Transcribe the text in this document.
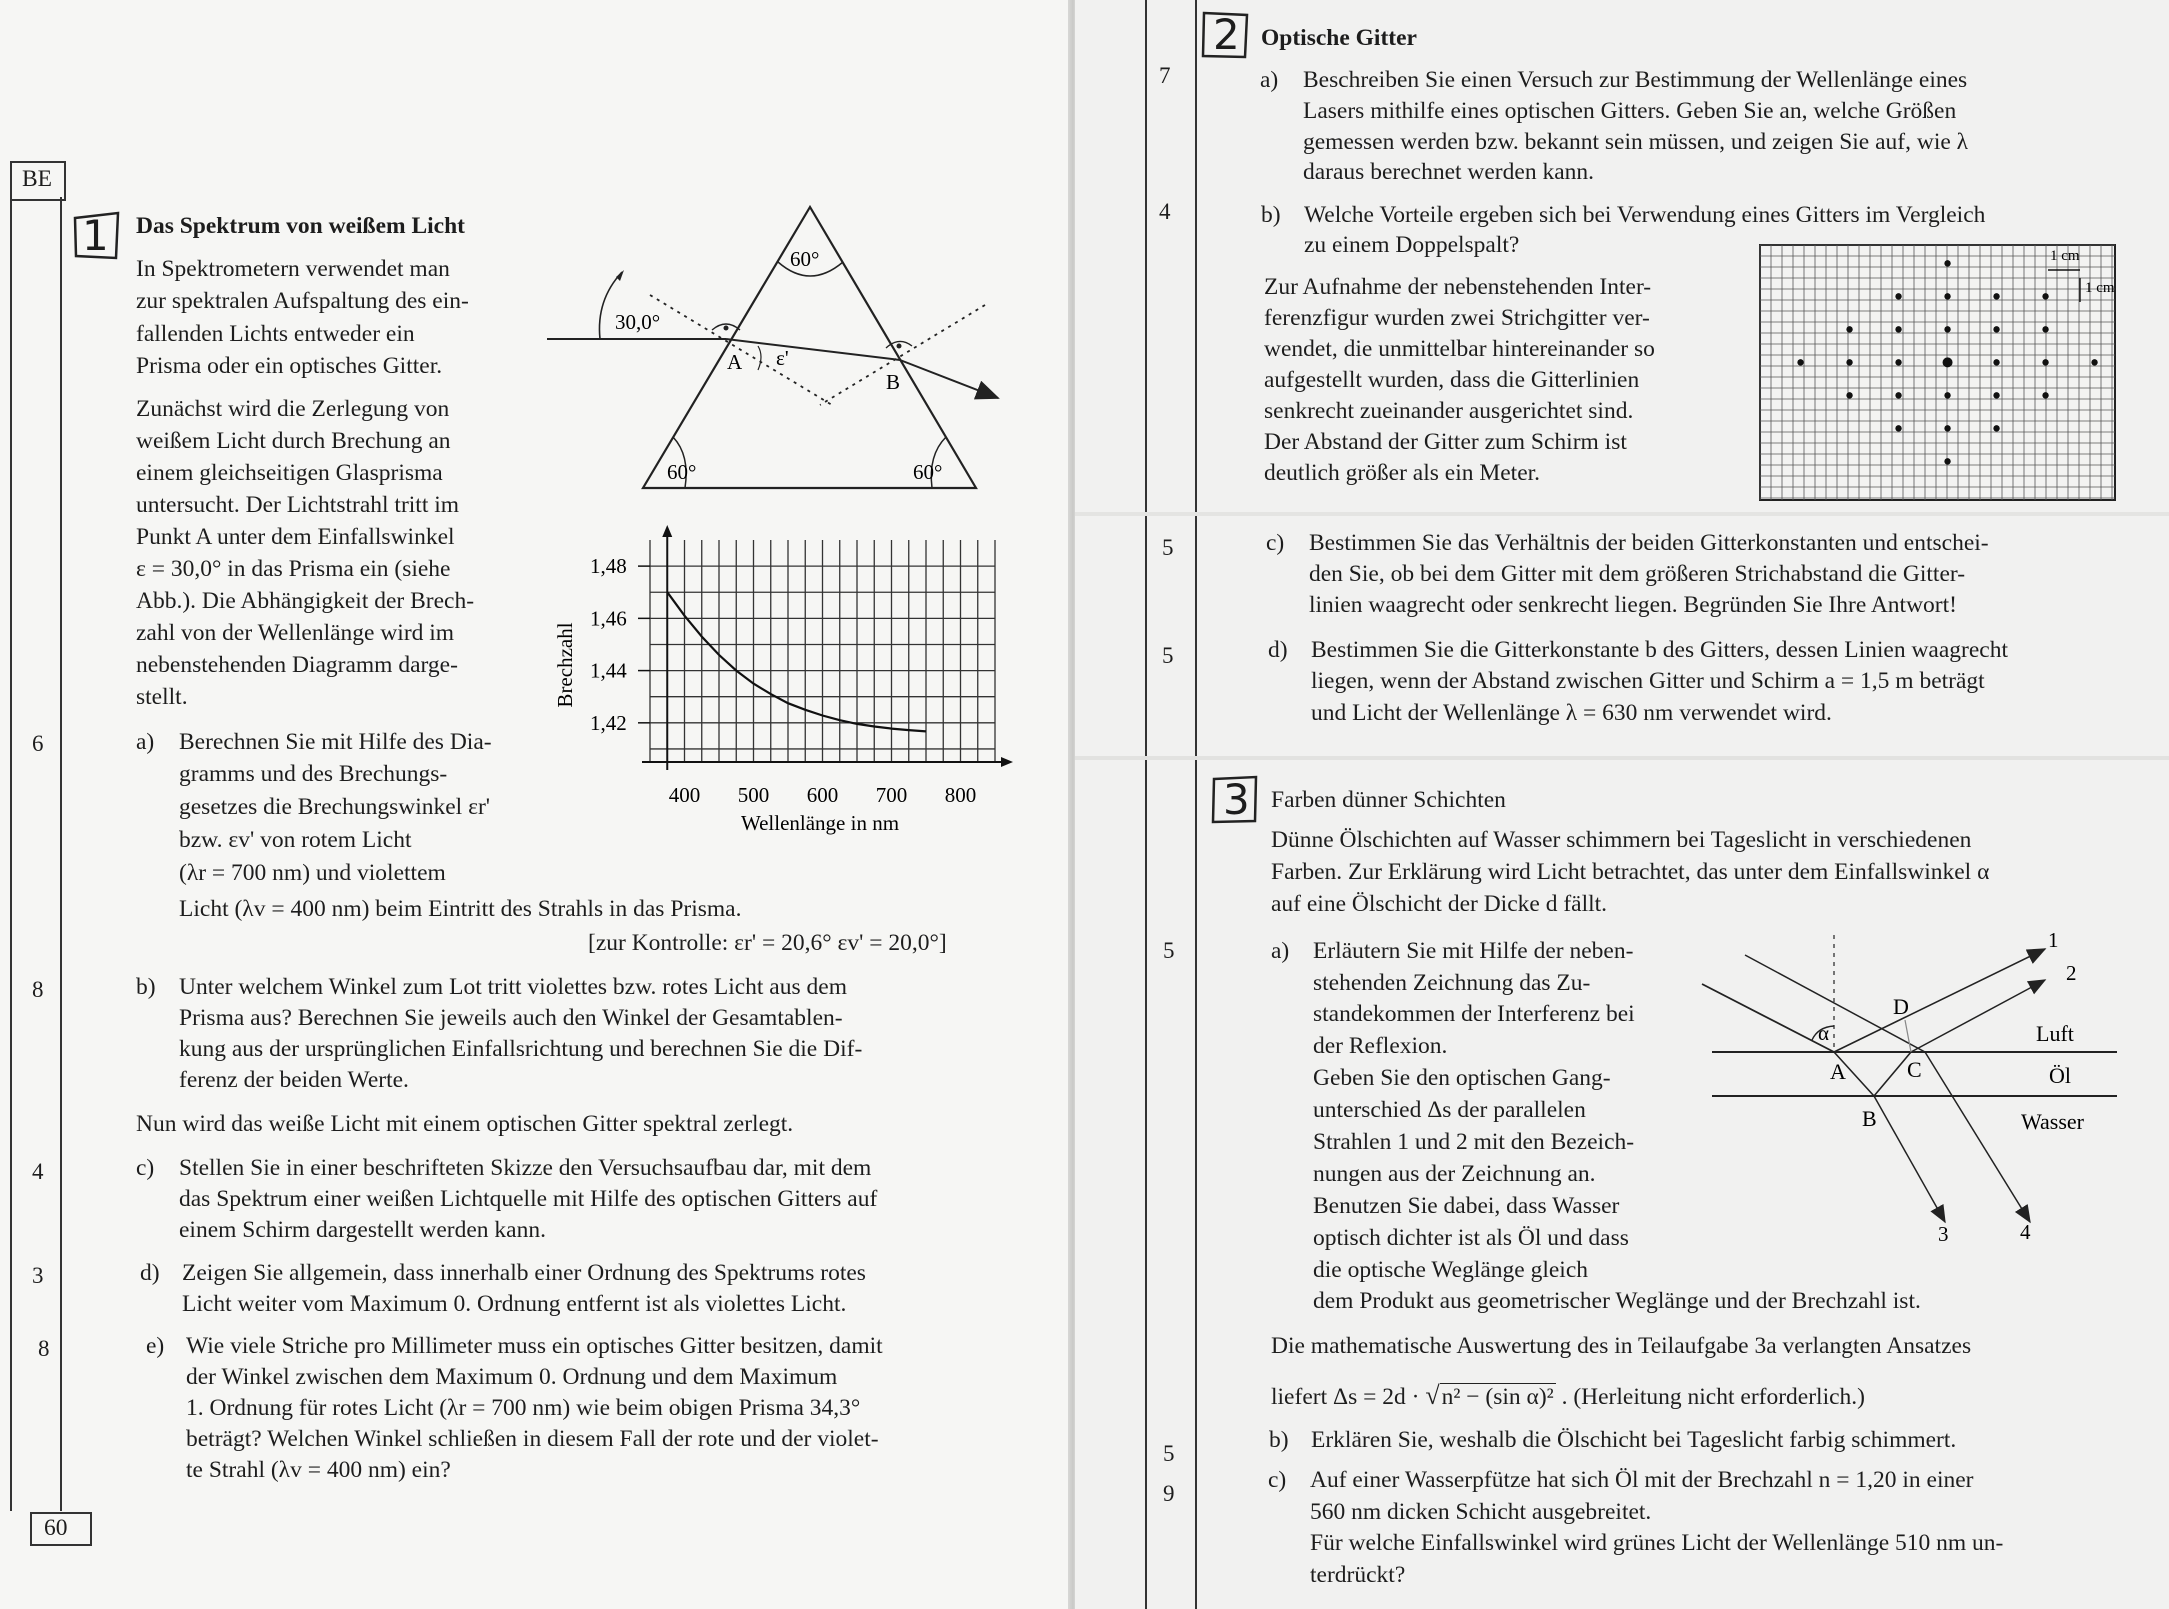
BE
60
6
8
4
3
8
1 Das Spektrum von weißem Licht
In Spektrometern verwendet man
zur spektralen Aufspaltung des ein-
fallenden Lichts entweder ein
Prisma oder ein optisches Gitter.
Zunächst wird die Zerlegung von
weißem Licht durch Brechung an
einem gleichseitigen Glasprisma
untersucht. Der Lichtstrahl tritt im
Punkt A unter dem Einfallswinkel
ε = 30,0° in das Prisma ein (siehe
Abb.). Die Abhängigkeit der Brech-
zahl von der Wellenlänge wird im
nebenstehenden Diagramm darge-
stellt.
a) Berechnen Sie mit Hilfe des Dia-
gramms und des Brechungs-
gesetzes die Brechungswinkel εr'
bzw. εv' von rotem Licht
(λr = 700 nm) und violettem
Licht (λv = 400 nm) beim Eintritt des Strahls in das Prisma.
[zur Kontrolle: εr' = 20,6° εv' = 20,0°]
b) Unter welchem Winkel zum Lot tritt violettes bzw. rotes Licht aus dem
Prisma aus? Berechnen Sie jeweils auch den Winkel der Gesamtablen-
kung aus der ursprünglichen Einfallsrichtung und berechnen Sie die Dif-
ferenz der beiden Werte.
Nun wird das weiße Licht mit einem optischen Gitter spektral zerlegt.
c) Stellen Sie in einer beschrifteten Skizze den Versuchsaufbau dar, mit dem
das Spektrum einer weißen Lichtquelle mit Hilfe des optischen Gitters auf
einem Schirm dargestellt werden kann.
d) Zeigen Sie allgemein, dass innerhalb einer Ordnung des Spektrums rotes
Licht weiter vom Maximum 0. Ordnung entfernt ist als violettes Licht.
e) Wie viele Striche pro Millimeter muss ein optisches Gitter besitzen, damit
der Winkel zwischen dem Maximum 0. Ordnung und dem Maximum
1. Ordnung für rotes Licht (λr = 700 nm) wie beim obigen Prisma 34,3°
beträgt? Welchen Winkel schließen in diesem Fall der rote und der violet-
te Strahl (λv = 400 nm) ein?
60°
60°	60°
30,0°
A
B
ε'
1,42
1,44
1,46
1,48
400 500 600 700 800
Wellenlänge in nm
Brechzahl
2 Optische Gitter
7	a) Beschreiben Sie einen Versuch zur Bestimmung der Wellenlänge eines
Lasers mithilfe eines optischen Gitters. Geben Sie an, welche Größen
gemessen werden bzw. bekannt sein müssen, und zeigen Sie auf, wie λ
daraus berechnet werden kann.
4	b) Welche Vorteile ergeben sich bei Verwendung eines Gitters im Vergleich
zu einem Doppelspalt?
Zur Aufnahme der nebenstehenden Inter-
ferenzfigur wurden zwei Strichgitter ver-
wendet, die unmittelbar hintereinander so
aufgestellt wurden, dass die Gitterlinien
senkrecht zueinander ausgerichtet sind.
Der Abstand der Gitter zum Schirm ist
deutlich größer als ein Meter.
1 cm
1 cm
5	c) Bestimmen Sie das Verhältnis der beiden Gitterkonstanten und entschei-
den Sie, ob bei dem Gitter mit dem größeren Strichabstand die Gitter-
linien waagrecht oder senkrecht liegen. Begründen Sie Ihre Antwort!
5	d) Bestimmen Sie die Gitterkonstante b des Gitters, dessen Linien waagrecht
liegen, wenn der Abstand zwischen Gitter und Schirm a = 1,5 m beträgt
und Licht der Wellenlänge λ = 630 nm verwendet wird.
3 Farben dünner Schichten
Dünne Ölschichten auf Wasser schimmern bei Tageslicht in verschiedenen
Farben. Zur Erklärung wird Licht betrachtet, das unter dem Einfallswinkel α
auf eine Ölschicht der Dicke d fällt.
5	a) Erläutern Sie mit Hilfe der neben-
stehenden Zeichnung das Zu-
standekommen der Interferenz bei
der Reflexion.
Geben Sie den optischen Gang-
unterschied Δs der parallelen
Strahlen 1 und 2 mit den Bezeich-
nungen aus der Zeichnung an.
Benutzen Sie dabei, dass Wasser
optisch dichter ist als Öl und dass
die optische Weglänge gleich
dem Produkt aus geometrischer Weglänge und der Brechzahl ist.
α
D
A	C
B
Luft
Öl
Wasser
1
2
3	4
Die mathematische Auswertung des in Teilaufgabe 3a verlangten Ansatzes
liefert Δs = 2d · √n² − (sin α)² . (Herleitung nicht erforderlich.)
5
b) Erklären Sie, weshalb die Ölschicht bei Tageslicht farbig schimmert.
9
c) Auf einer Wasserpfütze hat sich Öl mit der Brechzahl n = 1,20 in einer
560 nm dicken Schicht ausgebreitet.
Für welche Einfallswinkel wird grünes Licht der Wellenlänge 510 nm un-
terdrückt?
